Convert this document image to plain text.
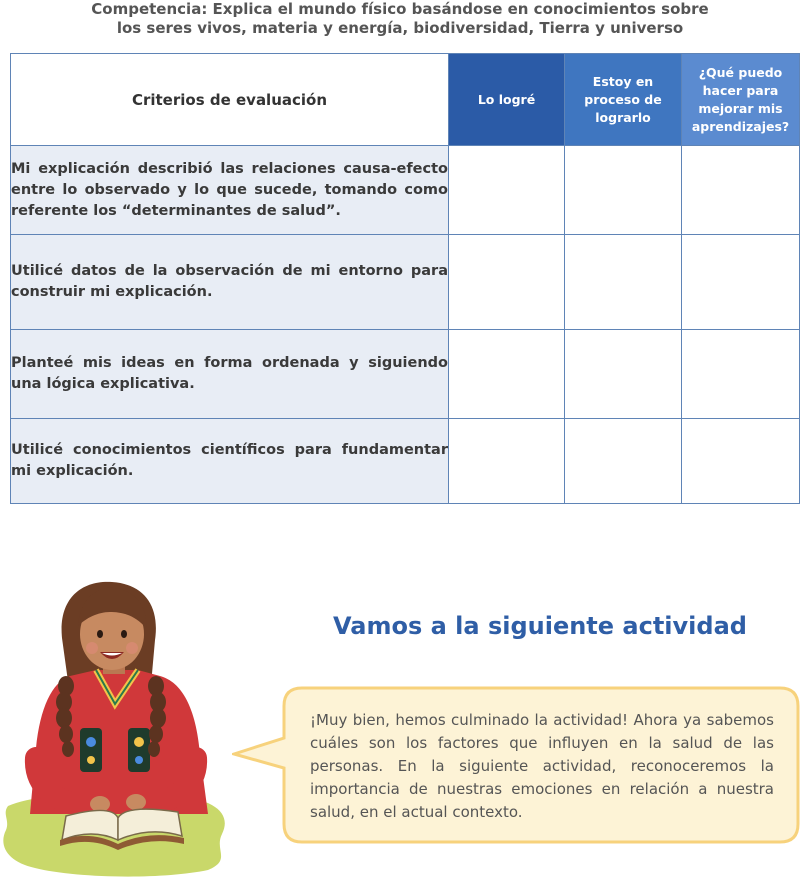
Competencia: Explica el mundo físico basándose en conocimientos sobre
los seres vivos, materia y energía, biodiversidad, Tierra y universo
Criterios de evaluación	Lo logré	Estoy en proceso de lograrlo	¿Qué puedo hacer para mejorar mis aprendizajes?
Mi explicación describió las relaciones causa-efecto entre lo observado y lo que sucede, tomando como referente los “determinantes de salud”.			
Utilicé datos de la observación de mi entorno para construir mi explicación.			
Planteé mis ideas en forma ordenada y siguiendo una lógica explicativa.			
Utilicé conocimientos científicos para fundamentar mi explicación.			
Vamos a la siguiente actividad
¡Muy bien, hemos culminado la actividad! Ahora ya sabemos cuáles son los factores que influyen en la salud de las personas. En la siguiente actividad, reconoceremos la importancia de nuestras emociones en relación a nuestra salud, en el actual contexto.
